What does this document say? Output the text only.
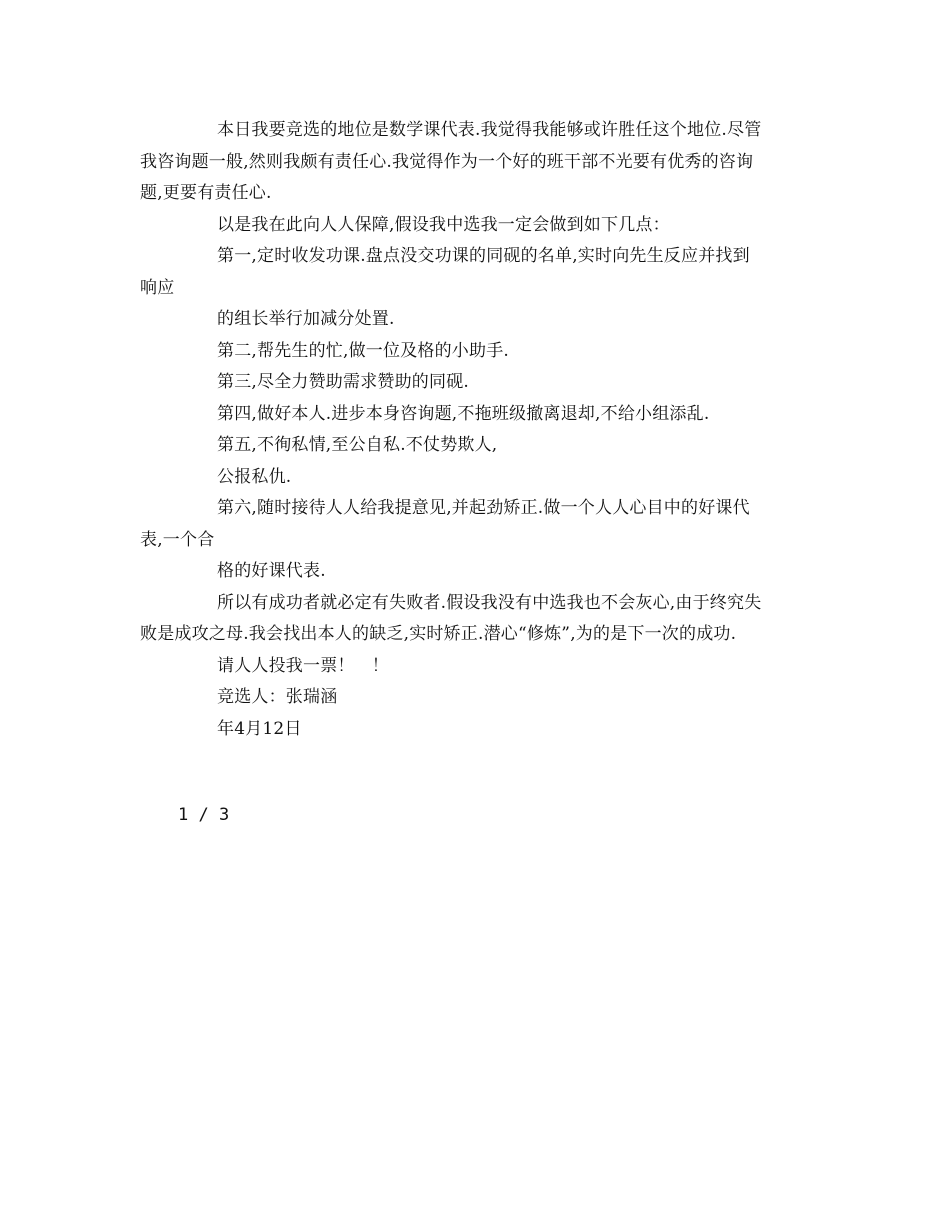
本日我要竞选的地位是数学课代表.我觉得我能够或许胜任这个地位.尽管
我咨询题一般,然则我颇有责任心.我觉得作为一个好的班干部不光要有优秀的咨询
题,更要有责任心.
以是我在此向人人保障,假设我中选我一定会做到如下几点：
第一,定时收发功课.盘点没交功课的同砚的名单,实时向先生反应并找到
响应
的组长举行加减分处置.
第二,帮先生的忙,做一位及格的小助手.
第三,尽全力赞助需求赞助的同砚.
第四,做好本人.进步本身咨询题,不拖班级撤离退却,不给小组添乱.
第五,不徇私情,至公自私.不仗势欺人,
公报私仇.
第六,随时接待人人给我提意见,并起劲矫正.做一个人人心目中的好课代
表,一个合
格的好课代表.
所以有成功者就必定有失败者.假设我没有中选我也不会灰心,由于终究失
败是成攻之母.我会找出本人的缺乏,实时矫正.潜心“修炼”,为的是下一次的成功.
请人人投我一票！　！
竞选人：张瑞涵
年4月12日
1 / 3
